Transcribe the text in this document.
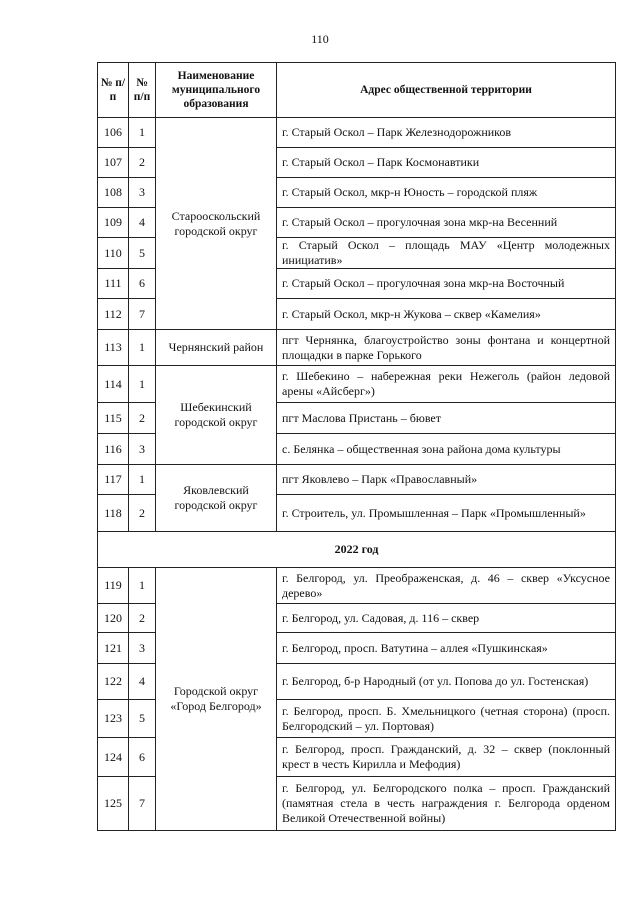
110
№ п/п	№ п/п	Наименование муниципального образования	Адрес общественной территории
106	1	Старооскольский городской округ	г. Старый Оскол – Парк Железнодорожников
107	2		г. Старый Оскол – Парк Космонавтики
108	3		г. Старый Оскол, мкр-н Юность – городской пляж
109	4		г. Старый Оскол – прогулочная зона мкр-на Весенний
110	5		г. Старый Оскол – площадь МАУ «Центр молодежных инициатив»
111	6		г. Старый Оскол – прогулочная зона мкр-на Восточный
112	7		г. Старый Оскол, мкр-н Жукова – сквер «Камелия»
113	1	Чернянский район	пгт Чернянка, благоустройство зоны фонтана и концертной площадки в парке Горького
114	1	Шебекинский городской округ	г. Шебекино – набережная реки Нежеголь (район ледовой арены «Айсберг»)
115	2		пгт Маслова Пристань – бювет
116	3		с. Белянка – общественная зона района дома культуры
117	1	Яковлевский городской округ	пгт Яковлево – Парк «Православный»
118	2		г. Строитель, ул. Промышленная – Парк «Промышленный»
2022 год			
119	1	Городской округ «Город Белгород»	г. Белгород, ул. Преображенская, д. 46 – сквер «Уксусное дерево»
120	2		г. Белгород, ул. Садовая, д. 116 – сквер
121	3		г. Белгород, просп. Ватутина – аллея «Пушкинская»
122	4		г. Белгород, б-р Народный (от ул. Попова до ул. Гостенская)
123	5		г. Белгород, просп. Б. Хмельницкого (четная сторона) (просп. Белгородский – ул. Портовая)
124	6		г. Белгород, просп. Гражданский, д. 32 – сквер (поклонный крест в честь Кирилла и Мефодия)
125	7		г. Белгород, ул. Белгородского полка – просп. Гражданский (памятная стела в честь награждения г. Белгорода орденом Великой Отечественной войны)
